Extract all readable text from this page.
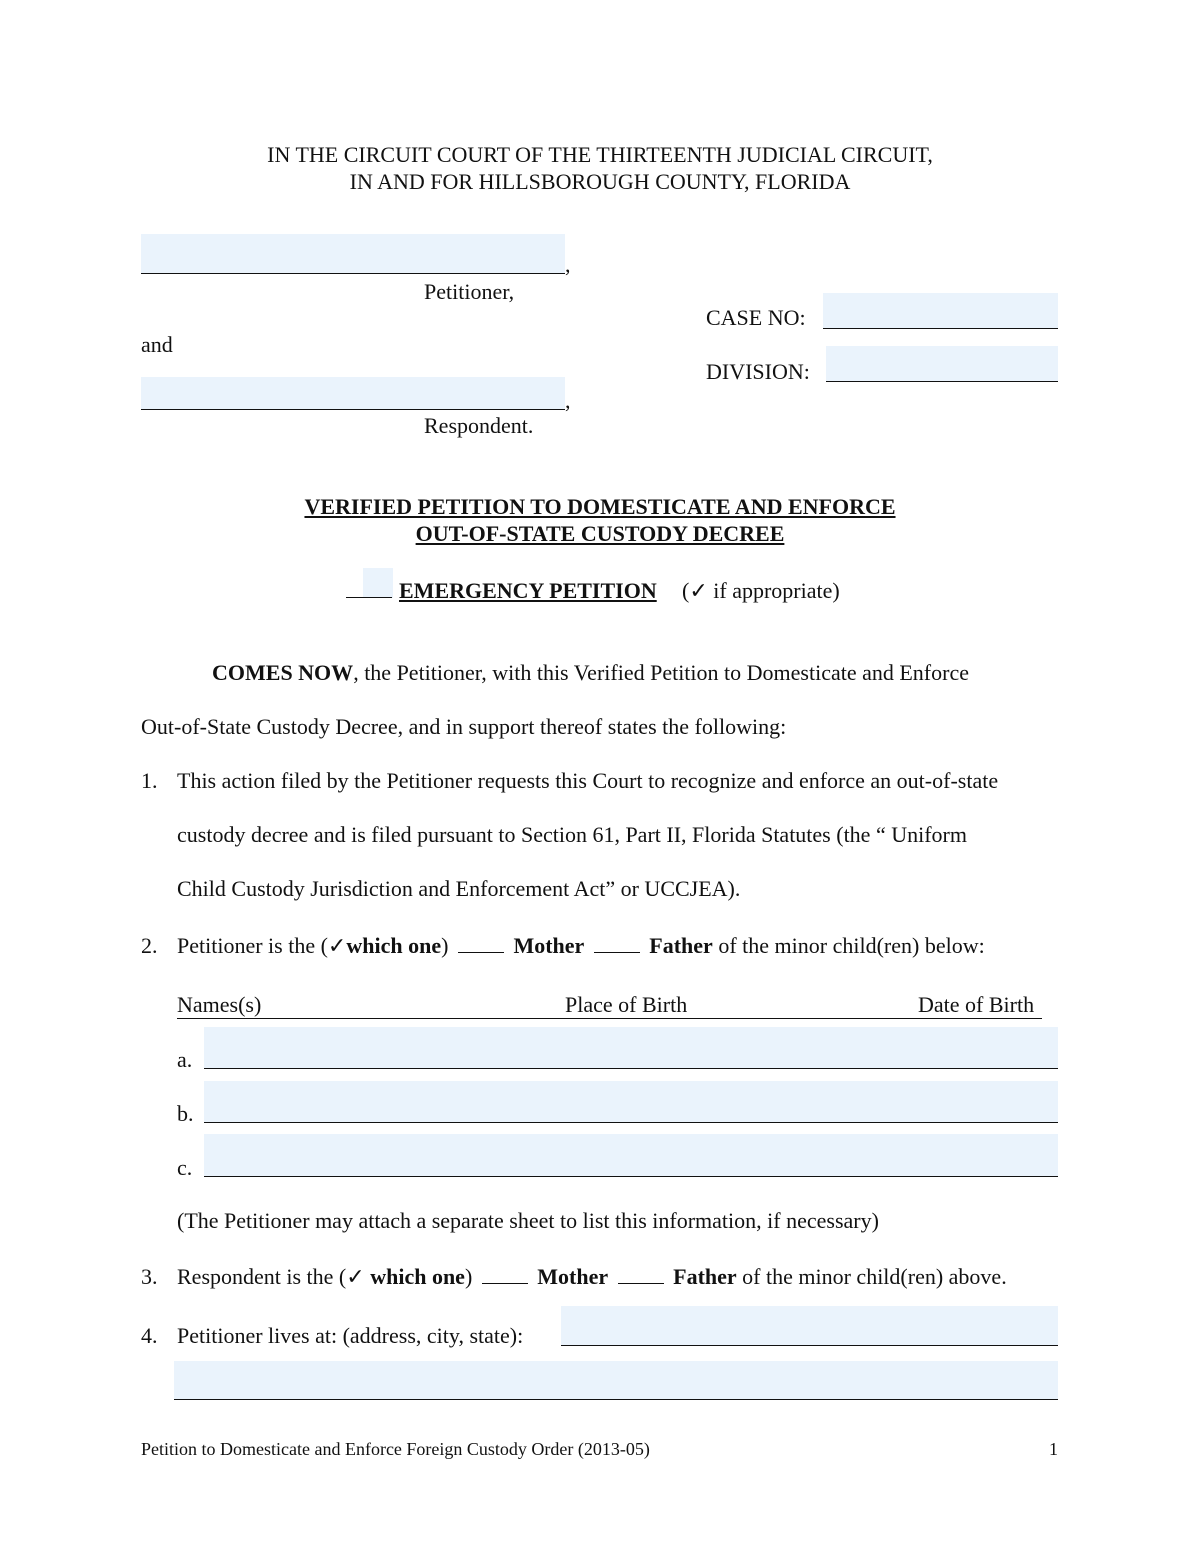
IN THE CIRCUIT COURT OF THE THIRTEENTH JUDICIAL CIRCUIT,
IN AND FOR HILLSBOROUGH COUNTY, FLORIDA
,
Petitioner,
and
,
Respondent.
CASE NO:
DIVISION:
VERIFIED PETITION TO DOMESTICATE AND ENFORCE
OUT-OF-STATE CUSTODY DECREE
EMERGENCY PETITION (✓ if appropriate)
COMES NOW, the Petitioner, with this Verified Petition to Domesticate and Enforce
Out-of-State Custody Decree, and in support thereof states the following:
1. This action filed by the Petitioner requests this Court to recognize and enforce an out-of-state
custody decree and is filed pursuant to Section 61, Part II, Florida Statutes (the “ Uniform
Child Custody Jurisdiction and Enforcement Act” or UCCJEA).
2. Petitioner is the (✓which one)	Mother	Father of the minor child(ren) below:
Names(s)	Place of Birth	Date of Birth
a.
b.
c.
(The Petitioner may attach a separate sheet to list this information, if necessary)
3. Respondent is the (✓ which one)	Mother	Father of the minor child(ren) above.
4. Petitioner lives at: (address, city, state):
Petition to Domesticate and Enforce Foreign Custody Order (2013-05)	1
